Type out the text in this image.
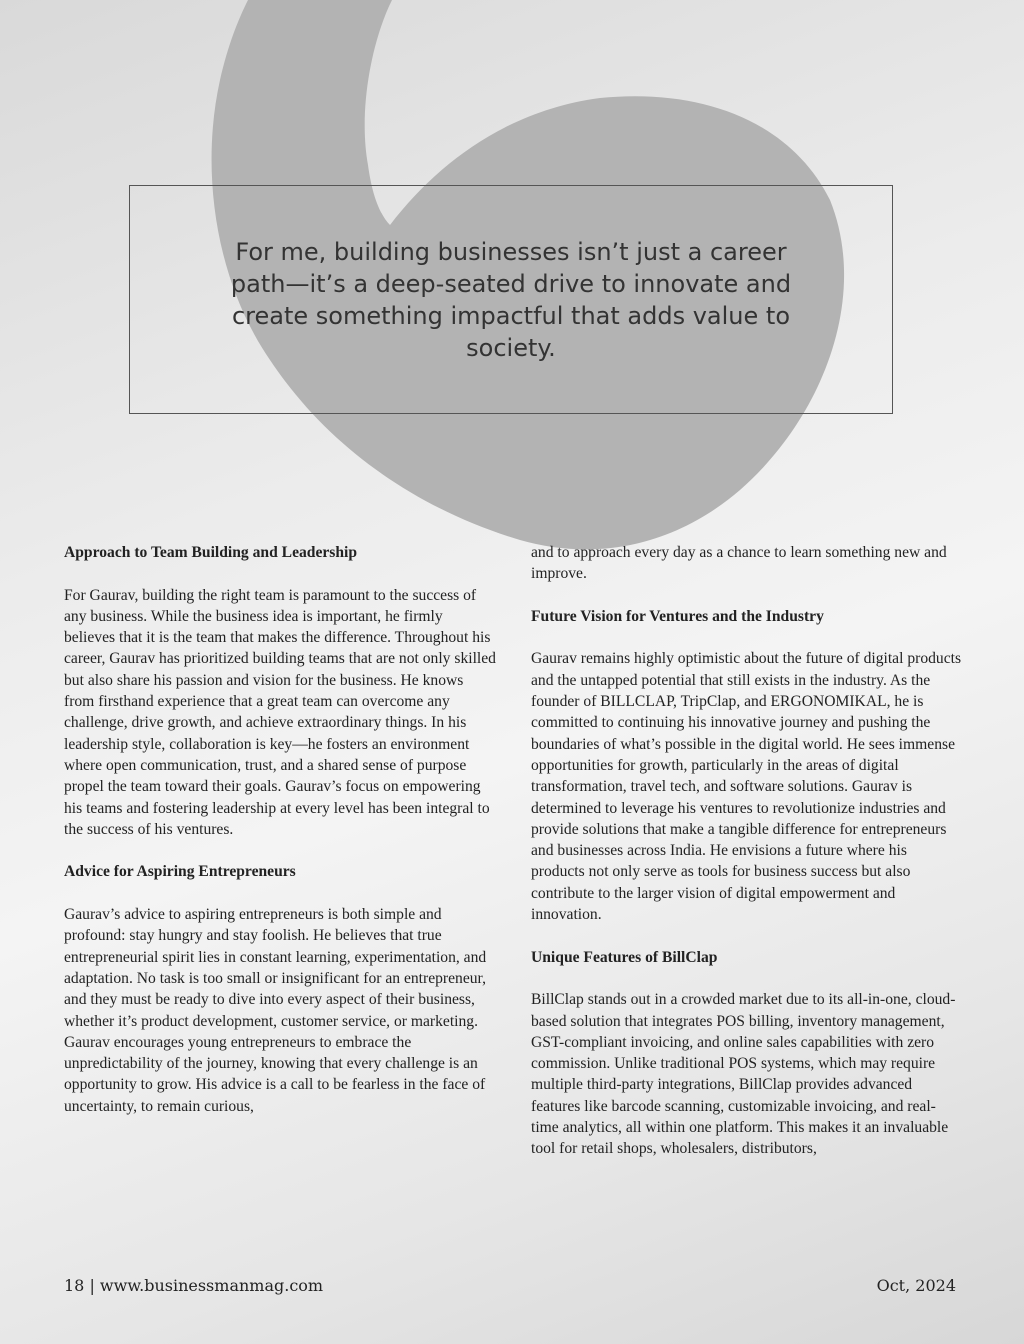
For me, building businesses isn’t just a career path—it’s a deep-seated drive to innovate and create something impactful that adds value to society.
Approach to Team Building and Leadership

For Gaurav, building the right team is paramount to the success of any business. While the business idea is important, he firmly believes that it is the team that makes the difference. Throughout his career, Gaurav has prioritized building teams that are not only skilled but also share his passion and vision for the business. He knows from firsthand experience that a great team can overcome any challenge, drive growth, and achieve extraordinary things. In his leadership style, collaboration is key—he fosters an environment where open communication, trust, and a shared sense of purpose propel the team toward their goals. Gaurav’s focus on empowering his teams and fostering leadership at every level has been integral to the success of his ventures.

Advice for Aspiring Entrepreneurs

Gaurav’s advice to aspiring entrepreneurs is both simple and profound: stay hungry and stay foolish. He believes that true entrepreneurial spirit lies in constant learning, experimentation, and adaptation. No task is too small or insignificant for an entrepreneur, and they must be ready to dive into every aspect of their business, whether it’s product development, customer service, or marketing. Gaurav encourages young entrepreneurs to embrace the unpredictability of the journey, knowing that every challenge is an opportunity to grow. His advice is a call to be fearless in the face of uncertainty, to remain curious,

and to approach every day as a chance to learn something new and improve.

Future Vision for Ventures and the Industry

Gaurav remains highly optimistic about the future of digital products and the untapped potential that still exists in the industry. As the founder of BILLCLAP, TripClap, and ERGONOMIKAL, he is committed to continuing his innovative journey and pushing the boundaries of what’s possible in the digital world. He sees immense opportunities for growth, particularly in the areas of digital transformation, travel tech, and software solutions. Gaurav is determined to leverage his ventures to revolutionize industries and provide solutions that make a tangible difference for entrepreneurs and businesses across India. He envisions a future where his products not only serve as tools for business success but also contribute to the larger vision of digital empowerment and innovation.

Unique Features of BillClap

BillClap stands out in a crowded market due to its all-in-one, cloud-based solution that integrates POS billing, inventory management, GST-compliant invoicing, and online sales capabilities with zero commission. Unlike traditional POS systems, which may require multiple third-party integrations, BillClap provides advanced features like barcode scanning, customizable invoicing, and real-time analytics, all within one platform. This makes it an invaluable tool for retail shops, wholesalers, distributors,

18 | www.businessmanmag.com	Oct, 2024
